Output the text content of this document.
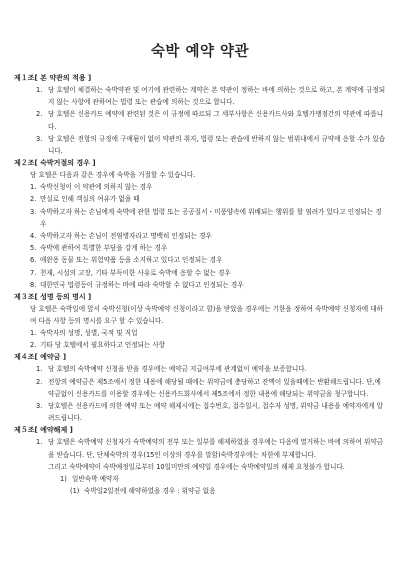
숙박 예약 약관
제１조[ 본 약관의 적용 ]
1. 당 호텔이 체결하는 숙박약관 및 여기에 관련하는 계약은 본 약관이 정하는 바에 의하는 것으로 하고, 본 계약에 규정되지 않는 사항에 관하여는 법령 또는 관습에 의하는 것으로 합니다.
2. 당 호텔은 신용카드 예약에 관련된 것은 이 규정에 따르되 그 세부사항은 신용카드사와 호텔가맹점간의 약관에 따릅니다.
3. 당 호텔은 전항의 규정에 구애됨이 없이 약관의 취지, 법령 또는 관습에 반하지 않는 범위내에서 규약에 응할 수가 있습니다.
제２조[ 숙박거절의 경우 ]

당 호텔은 다음과 같은 경우에 숙박을 거절할 수 있습니다.

1. 숙박신청이 이 약관에 의하지 않는 경우
2. 만실로 인해 객실의 여유가 없을 때
3. 숙박하고자 하는 손님에게 숙박에 관한 법령 또는 공공질서・미풍양속에 위배되는 행위를 할 염려가 있다고 인정되는 경우
4. 숙박하고자 하는 손님이 전염병자라고 명백히 인정되는 경우
5. 숙박에 관하여 특별한 부담을 강게 하는 경우
6. 애완용 동물 또는 위험약품 등을 소지하고 있다고 인정되는 경우
7. 천재, 시설의 고장, 기타 부득이한 사유로 숙박에 응할 수 없는 경우
8. 대한민국 법령등이 규정하는 바에 따라 숙박할 수 없다고 인정되는 경우
제３조[ 성명 등의 명시 ]

당 호텔은 숙박일에 앞서 숙박신청(이상 숙박예약 신청이라고 함)을 받았을 경우에는 기한을 정하여 숙박예약 신청자에 대하여 다음 사항 등의 명시를 요구 할 수 있습니다.

1. 숙박자의 성명, 성별, 국적 및 직업
2. 기타 당 호텔에서 필요하다고 인정되는 사항
제４조[ 예약금 ]
1. 당 호텔의 숙박예약 신청을 받을 경우에는 예약금 지급여부에 관계없이 예약을 보증합니다.
2. 전항의 예약금은 제5조에서 정한 내용에 해당될 때에는 위약금에 충당하고 잔액이 있을때에는 반환해드립니다. 단,예약금없이 신용카드를 이용할 경우에는 신용카드회사에서 제5조에서 정한 내용에 해당되는 위약금을 청구합니다.
3. 당호텔은 신용카드에 의한 예약 또는 예약 해제시에는 접수번호, 접수일시, 접수자 성명, 위약금 내용을 예약자에게 알려드립니다.
제５조[ 예약해제 ]
1. 당 호텔은 숙박예약 신청자가 숙박예약의 전부 또는 일부를 해제하였을 경우에는 다음에 열거하는 바에 의하여 위약금을 받습니다. 단, 단체숙박의 경우(15인 이상의 경우를 말함)숙박경우에는 차한에 부재합니다.

그리고 숙박예약이 숙박예정일로부터 10일미만의 예약일 경우에는 숙박예약일의 해제 요청불가 합니다.

1) 일반숙박 예약자
(1) 숙박일2일전에 해약하였을 경우 : 위약금 없음
